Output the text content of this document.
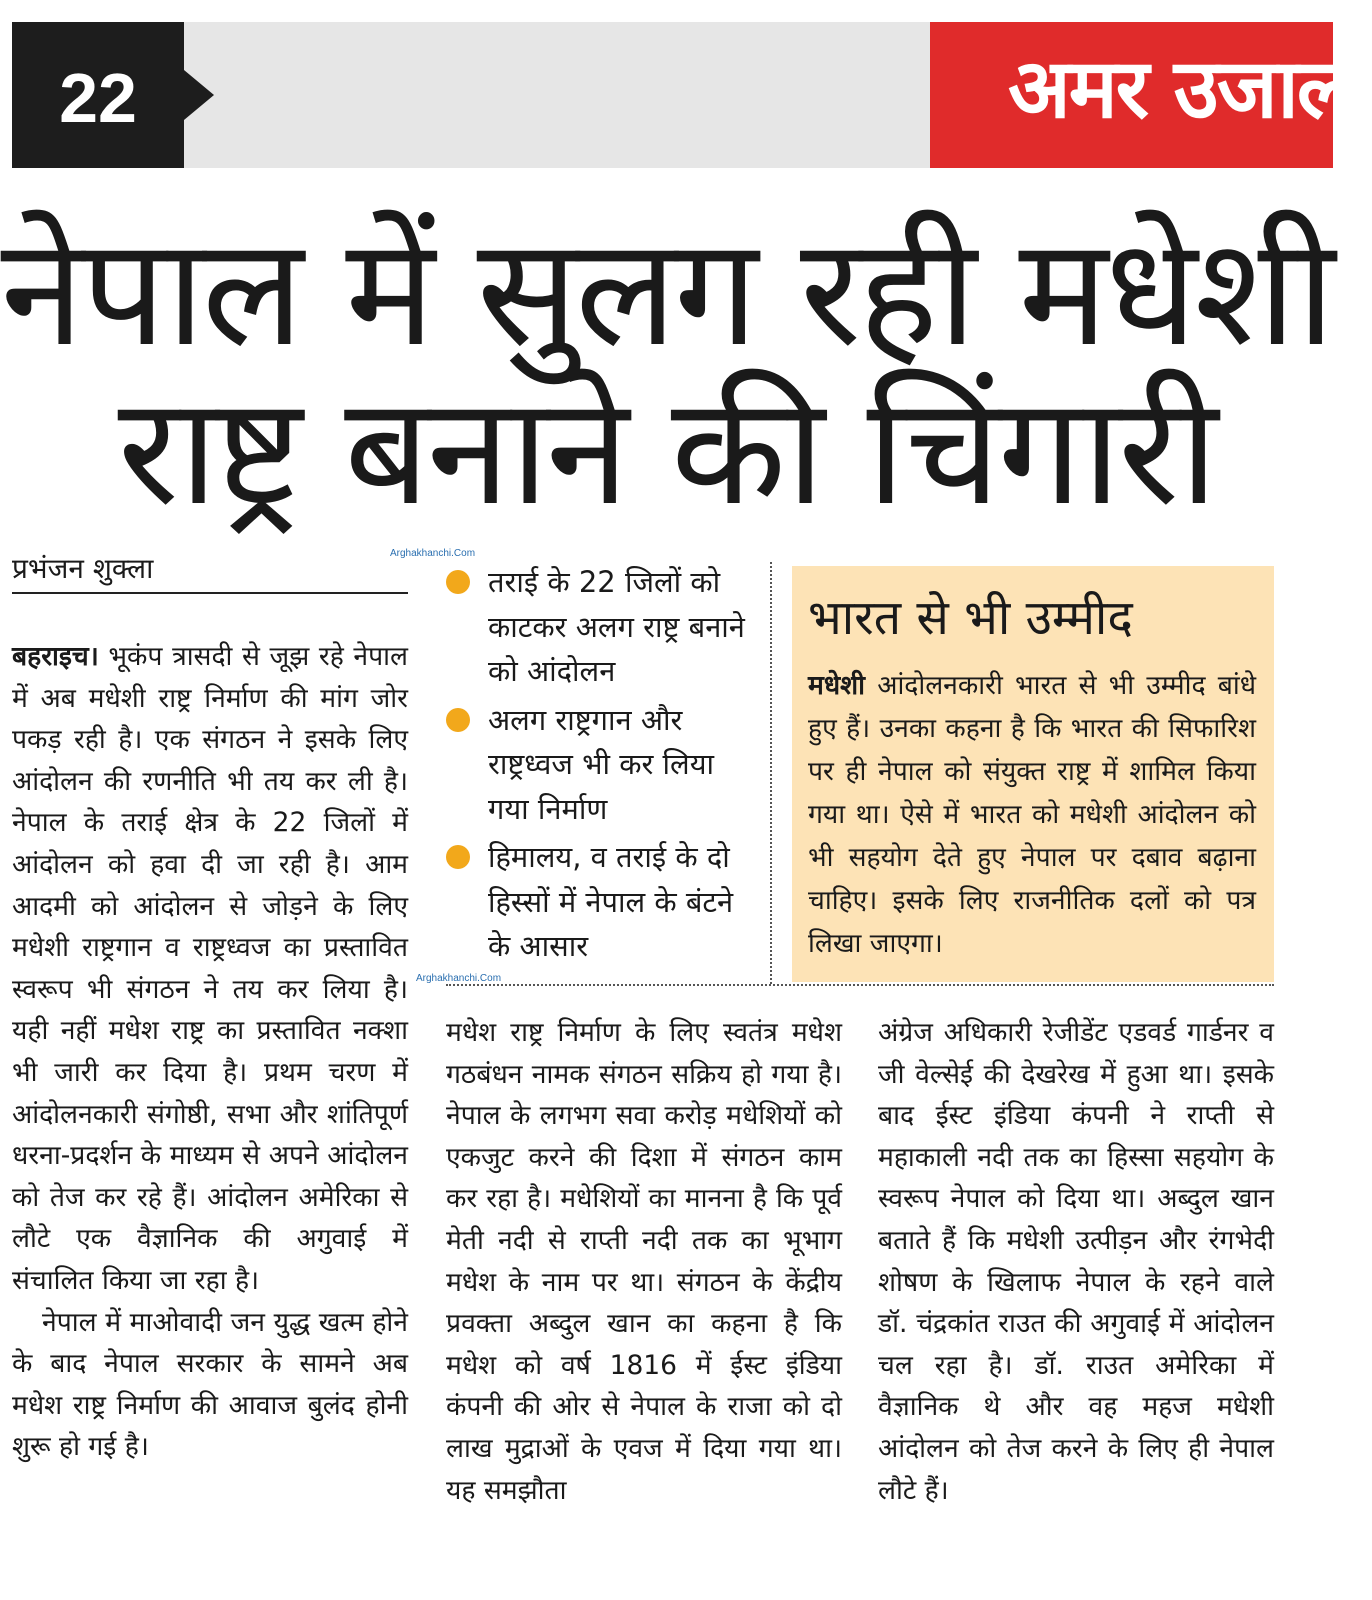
22	अमर उजाला
नेपाल में सुलग रही मधेशी
राष्ट्र बनाने की चिंगारी
प्रभंजन शुक्ला	Arghakhanchi.Com
Arghakhanchi.Com

बहराइच। भूकंप त्रासदी से जूझ रहे नेपाल में अब मधेशी राष्ट्र निर्माण की मांग जोर पकड़ रही है। एक संगठन ने इसके लिए आंदोलन की रणनीति भी तय कर ली है। नेपाल के तराई क्षेत्र के 22 जिलों में आंदोलन को हवा दी जा रही है। आम आदमी को आंदोलन से जोड़ने के लिए मधेशी राष्ट्रगान व राष्ट्रध्वज का प्रस्तावित स्वरूप भी संगठन ने तय कर लिया है। यही नहीं मधेश राष्ट्र का प्रस्तावित नक्शा भी जारी कर दिया है। प्रथम चरण में आंदोलनकारी संगोष्ठी, सभा और शांतिपूर्ण धरना-प्रदर्शन के माध्यम से अपने आंदोलन को तेज कर रहे हैं। आंदोलन अमेरिका से लौटे एक वैज्ञानिक की अगुवाई में संचालित किया जा रहा है।

नेपाल में माओवादी जन युद्ध खत्म होने के बाद नेपाल सरकार के सामने अब मधेश राष्ट्र निर्माण की आवाज बुलंद होनी शुरू हो गई है।

तराई के 22 जिलों को काटकर अलग राष्ट्र बनाने को आंदोलन
अलग राष्ट्रगान और राष्ट्रध्वज भी कर लिया गया निर्माण
हिमालय, व तराई के दो हिस्सों में नेपाल के बंटने के आसार
भारत से भी उम्मीद
मधेशी आंदोलनकारी भारत से भी उम्मीद बांधे हुए हैं। उनका कहना है कि भारत की सिफारिश पर ही नेपाल को संयुक्त राष्ट्र में शामिल किया गया था। ऐसे में भारत को मधेशी आंदोलन को भी सहयोग देते हुए नेपाल पर दबाव बढ़ाना चाहिए। इसके लिए राजनीतिक दलों को पत्र लिखा जाएगा।
मधेश राष्ट्र निर्माण के लिए स्वतंत्र मधेश गठबंधन नामक संगठन सक्रिय हो गया है। नेपाल के लगभग सवा करोड़ मधेशियों को एकजुट करने की दिशा में संगठन काम कर रहा है। मधेशियों का मानना है कि पूर्व मेती नदी से राप्ती नदी तक का भूभाग मधेश के नाम पर था। संगठन के केंद्रीय प्रवक्ता अब्दुल खान का कहना है कि मधेश को वर्ष 1816 में ईस्ट इंडिया कंपनी की ओर से नेपाल के राजा को दो लाख मुद्राओं के एवज में दिया गया था। यह समझौता
अंग्रेज अधिकारी रेजीडेंट एडवर्ड गार्डनर व जी वेल्सेई की देखरेख में हुआ था। इसके बाद ईस्ट इंडिया कंपनी ने राप्ती से महाकाली नदी तक का हिस्सा सहयोग के स्वरूप नेपाल को दिया था। अब्दुल खान बताते हैं कि मधेशी उत्पीड़न और रंगभेदी शोषण के खिलाफ नेपाल के रहने वाले डॉ. चंद्रकांत राउत की अगुवाई में आंदोलन चल रहा है। डॉ. राउत अमेरिका में वैज्ञानिक थे और वह महज मधेशी आंदोलन को तेज करने के लिए ही नेपाल लौटे हैं।
